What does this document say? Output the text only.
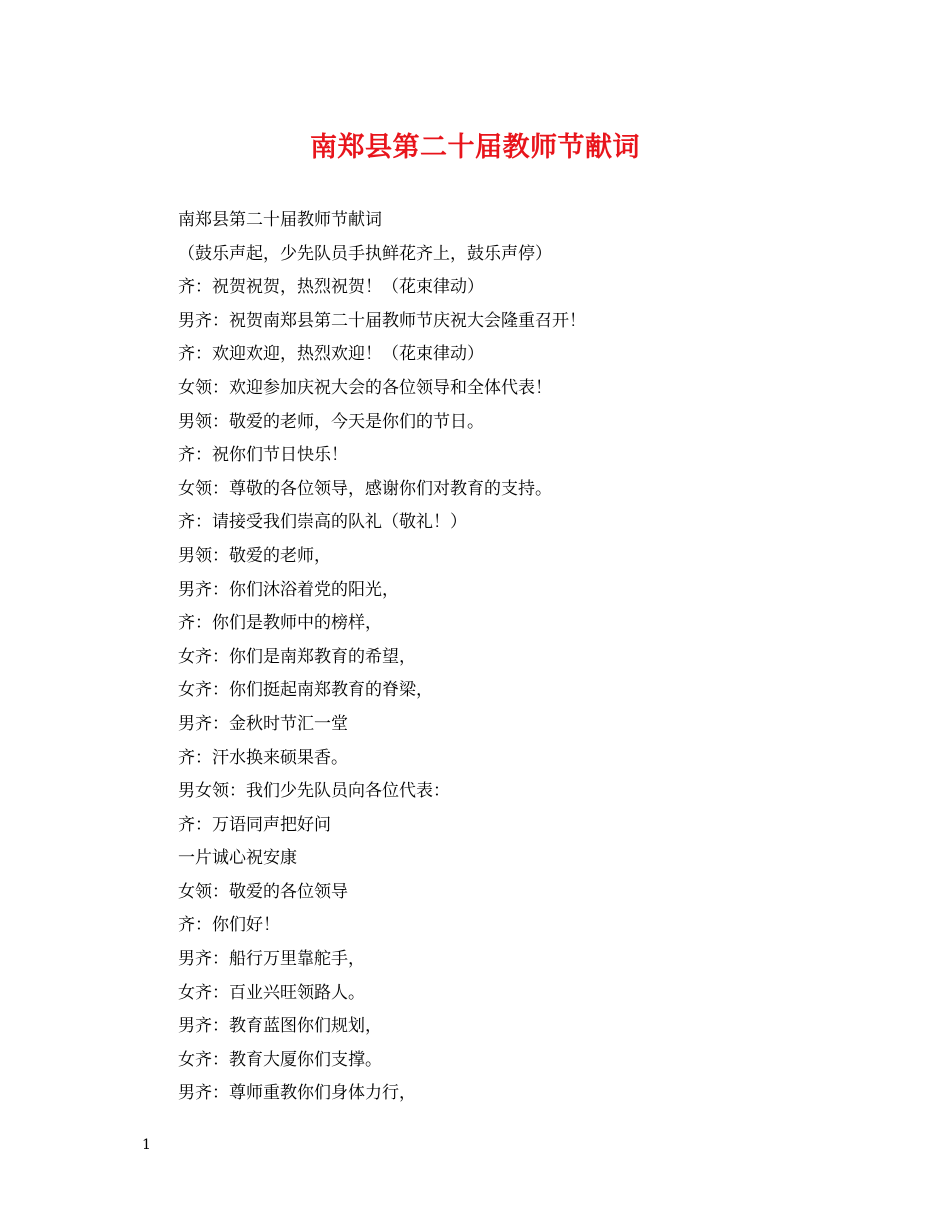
南郑县第二十届教师节献词
南郑县第二十届教师节献词
（鼓乐声起，少先队员手执鲜花齐上，鼓乐声停）
齐：祝贺祝贺，热烈祝贺！（花束律动）
男齐：祝贺南郑县第二十届教师节庆祝大会隆重召开！
齐：欢迎欢迎，热烈欢迎！（花束律动）
女领：欢迎参加庆祝大会的各位领导和全体代表！
男领：敬爱的老师，今天是你们的节日。
齐：祝你们节日快乐！
女领：尊敬的各位领导，感谢你们对教育的支持。
齐：请接受我们崇高的队礼（敬礼！）
男领：敬爱的老师，
男齐：你们沐浴着党的阳光，
齐：你们是教师中的榜样，
女齐：你们是南郑教育的希望，
女齐：你们挺起南郑教育的脊梁，
男齐：金秋时节汇一堂
齐：汗水换来硕果香。
男女领：我们少先队员向各位代表：
齐：万语同声把好问
一片诚心祝安康
女领：敬爱的各位领导
齐：你们好！
男齐：船行万里靠舵手，
女齐：百业兴旺领路人。
男齐：教育蓝图你们规划，
女齐：教育大厦你们支撑。
男齐：尊师重教你们身体力行，
1
